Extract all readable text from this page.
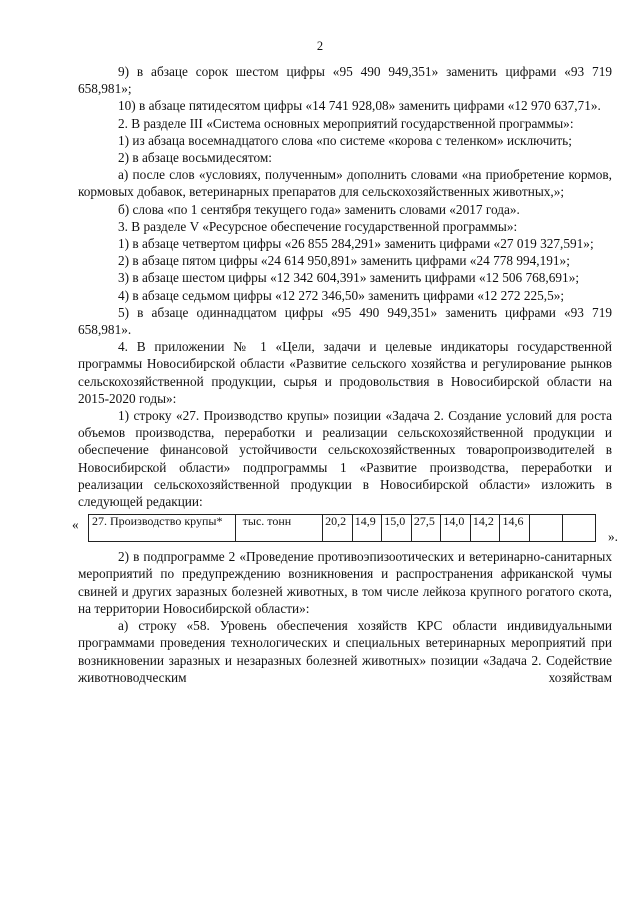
2

9) в абзаце сорок шестом цифры «95 490 949,351» заменить цифрами «93 719 658,981»;

10) в абзаце пятидесятом цифры «14 741 928,08» заменить цифрами «12 970 637,71».

2. В разделе III «Система основных мероприятий государственной программы»:

1) из абзаца восемнадцатого слова «по системе «корова с теленком» исключить;

2) в абзаце восьмидесятом:

а) после слов «условиях, полученным» дополнить словами «на приобретение кормов, кормовых добавок, ветеринарных препаратов для сельскохозяйственных животных,»;

б) слова «по 1 сентября текущего года» заменить словами «2017 года».

3. В разделе V «Ресурсное обеспечение государственной программы»:

1) в абзаце четвертом цифры «26 855 284,291» заменить цифрами «27 019 327,591»;

2) в абзаце пятом цифры «24 614 950,891» заменить цифрами «24 778 994,191»;

3) в абзаце шестом цифры «12 342 604,391» заменить цифрами «12 506 768,691»;

4) в абзаце седьмом цифры «12 272 346,50» заменить цифрами «12 272 225,5»;

5) в абзаце одиннадцатом цифры «95 490 949,351» заменить цифрами «93 719 658,981».

4. В приложении № 1 «Цели, задачи и целевые индикаторы государственной программы Новосибирской области «Развитие сельского хозяйства и регулирование рынков сельскохозяйственной продукции, сырья и продовольствия в Новосибирской области на 2015-2020 годы»:

1) строку «27. Производство крупы» позиции «Задача 2. Создание условий для роста объемов производства, переработки и реализации сельскохозяйственной продукции и обеспечение финансовой устойчивости сельскохозяйственных товаропроизводителей в Новосибирской области» подпрограммы 1 «Развитие производства, переработки и реализации сельскохозяйственной продукции в Новосибирской области» изложить в следующей редакции:

« 27. Производство крупы*	тыс. тонн	20,2	14,9	15,0	27,5	14,0	14,2	14,6		
».

2) в подпрограмме 2 «Проведение противоэпизоотических и ветеринарно-санитарных мероприятий по предупреждению возникновения и распространения африканской чумы свиней и других заразных болезней животных, в том числе лейкоза крупного рогатого скота, на территории Новосибирской области»:

а) строку «58. Уровень обеспечения хозяйств КРС области индивидуальными программами проведения технологических и специальных ветеринарных мероприятий при возникновении заразных и незаразных болезней животных» позиции «Задача 2. Содействие животноводческим хозяйствам
